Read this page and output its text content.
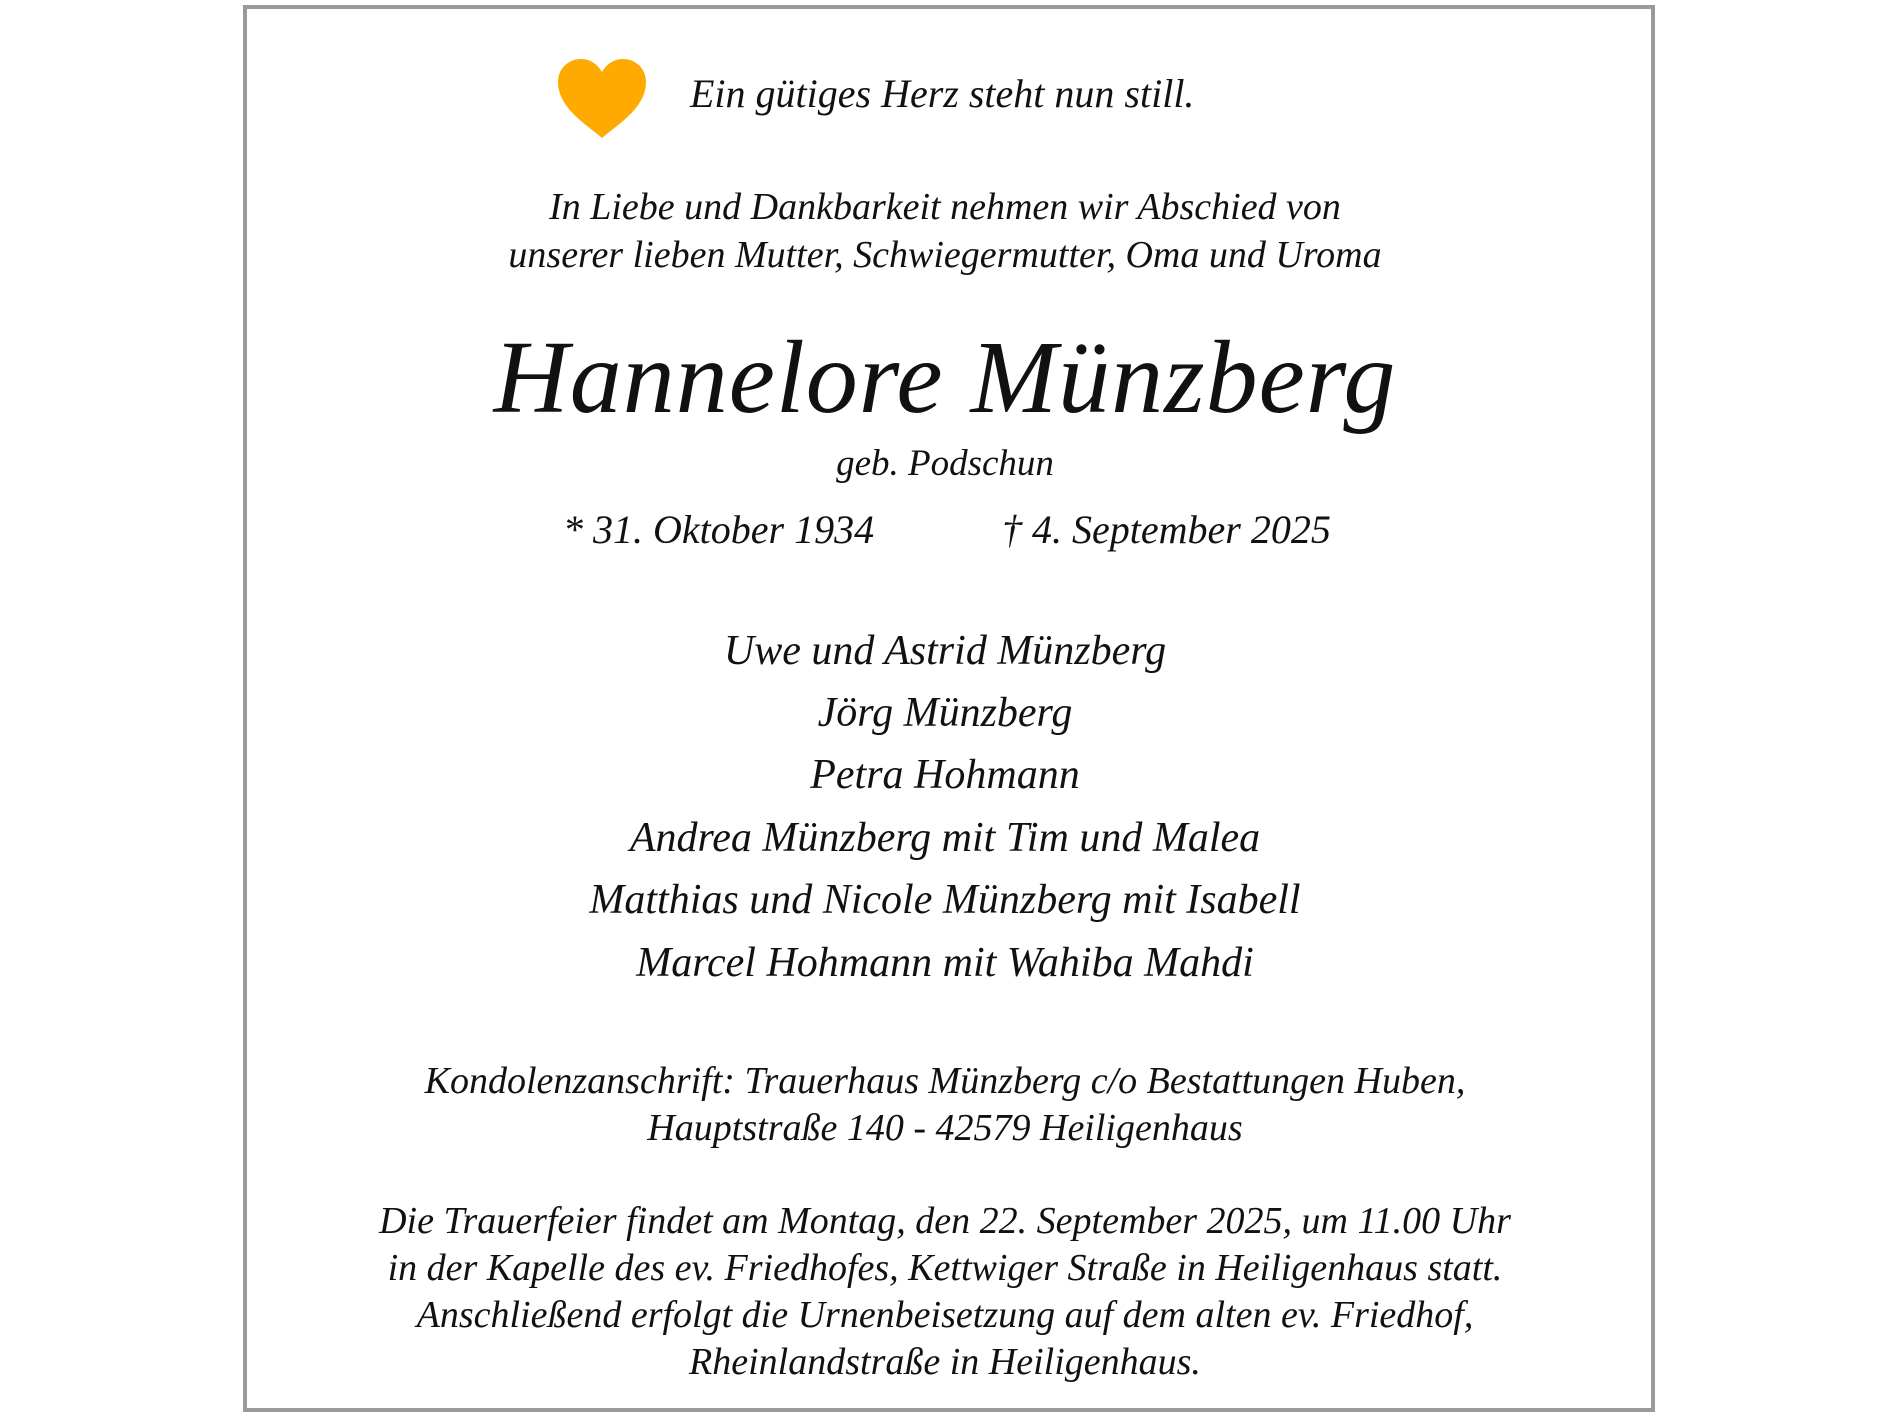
Ein gütiges Herz steht nun still.
In Liebe und Dankbarkeit nehmen wir Abschied von
unserer lieben Mutter, Schwiegermutter, Oma und Uroma
Hannelore Münzberg
geb. Podschun
* 31. Oktober 1934	† 4. September 2025
Uwe und Astrid Münzberg
Jörg Münzberg
Petra Hohmann
Andrea Münzberg mit Tim und Malea
Matthias und Nicole Münzberg mit Isabell
Marcel Hohmann mit Wahiba Mahdi
Kondolenzanschrift: Trauerhaus Münzberg c/o Bestattungen Huben,
Hauptstraße 140 - 42579 Heiligenhaus
Die Trauerfeier findet am Montag, den 22. September 2025, um 11.00 Uhr
in der Kapelle des ev. Friedhofes, Kettwiger Straße in Heiligenhaus statt.
Anschließend erfolgt die Urnenbeisetzung auf dem alten ev. Friedhof,
Rheinlandstraße in Heiligenhaus.
